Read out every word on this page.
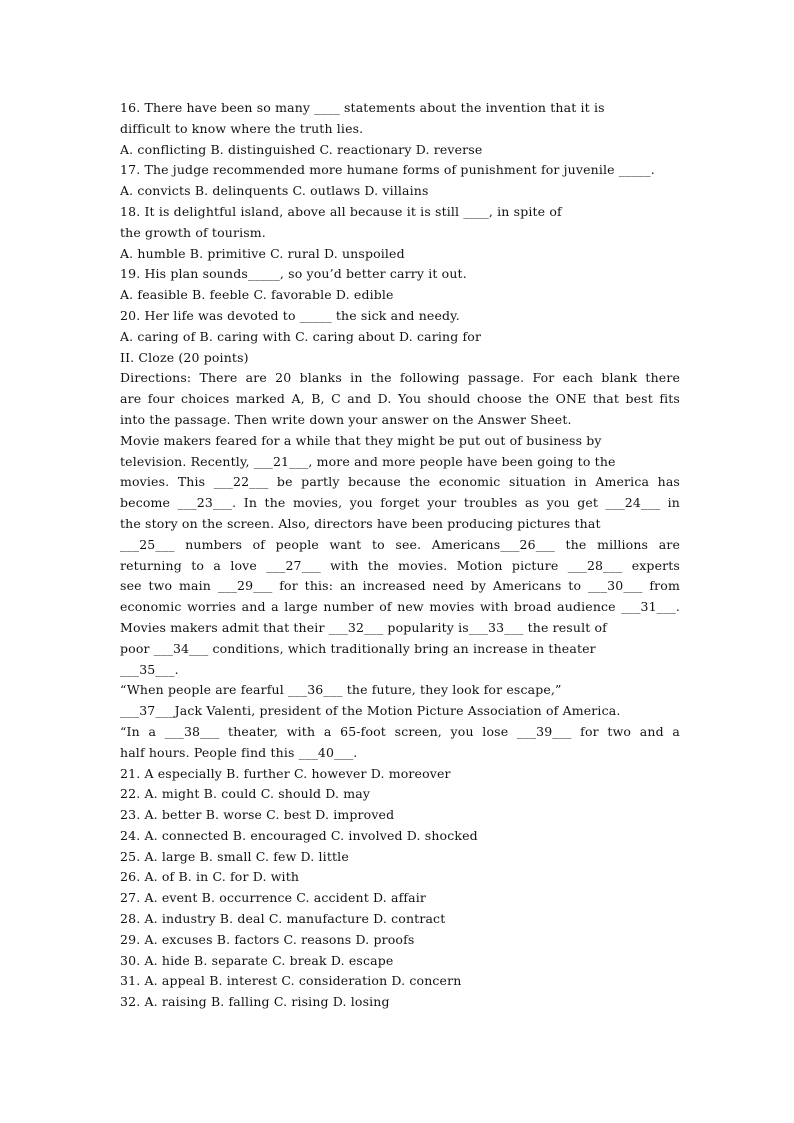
16. There have been so many ____ statements about the invention that it is
difficult to know where the truth lies.
A. conflicting B. distinguished C. reactionary D. reverse
17. The judge recommended more humane forms of punishment for juvenile _____.
A. convicts B. delinquents C. outlaws D. villains
18. It is delightful island, above all because it is still ____, in spite of
the growth of tourism.
A. humble B. primitive C. rural D. unspoiled
19. His plan sounds_____, so you’d better carry it out.
A. feasible B. feeble C. favorable D. edible
20. Her life was devoted to _____ the sick and needy.
A. caring of B. caring with C. caring about D. caring for
II. Cloze (20 points)
Directions: There are 20 blanks in the following passage. For each blank there
are four choices marked A, B, C and D. You should choose the ONE that best fits
into the passage. Then write down your answer on the Answer Sheet.
Movie makers feared for a while that they might be put out of business by
television. Recently, ___21___, more and more people have been going to the
movies. This ___22___ be partly because the economic situation in America has
become ___23___. In the movies, you forget your troubles as you get ___24___ in
the story on the screen. Also, directors have been producing pictures that
___25___ numbers of people want to see. Americans___26___ the millions are
returning to a love ___27___ with the movies. Motion picture ___28___ experts
see two main ___29___ for this: an increased need by Americans to ___30___ from
economic worries and a large number of new movies with broad audience ___31___.
Movies makers admit that their ___32___ popularity is___33___ the result of
poor ___34___ conditions, which traditionally bring an increase in theater
___35___.
“When people are fearful ___36___ the future, they look for escape,”
___37___Jack Valenti, president of the Motion Picture Association of America.
“In a ___38___ theater, with a 65-foot screen, you lose ___39___ for two and a
half hours. People find this ___40___.
21. A especially B. further C. however D. moreover
22. A. might B. could C. should D. may
23. A. better B. worse C. best D. improved
24. A. connected B. encouraged C. involved D. shocked
25. A. large B. small C. few D. little
26. A. of B. in C. for D. with
27. A. event B. occurrence C. accident D. affair
28. A. industry B. deal C. manufacture D. contract
29. A. excuses B. factors C. reasons D. proofs
30. A. hide B. separate C. break D. escape
31. A. appeal B. interest C. consideration D. concern
32. A. raising B. falling C. rising D. losing
